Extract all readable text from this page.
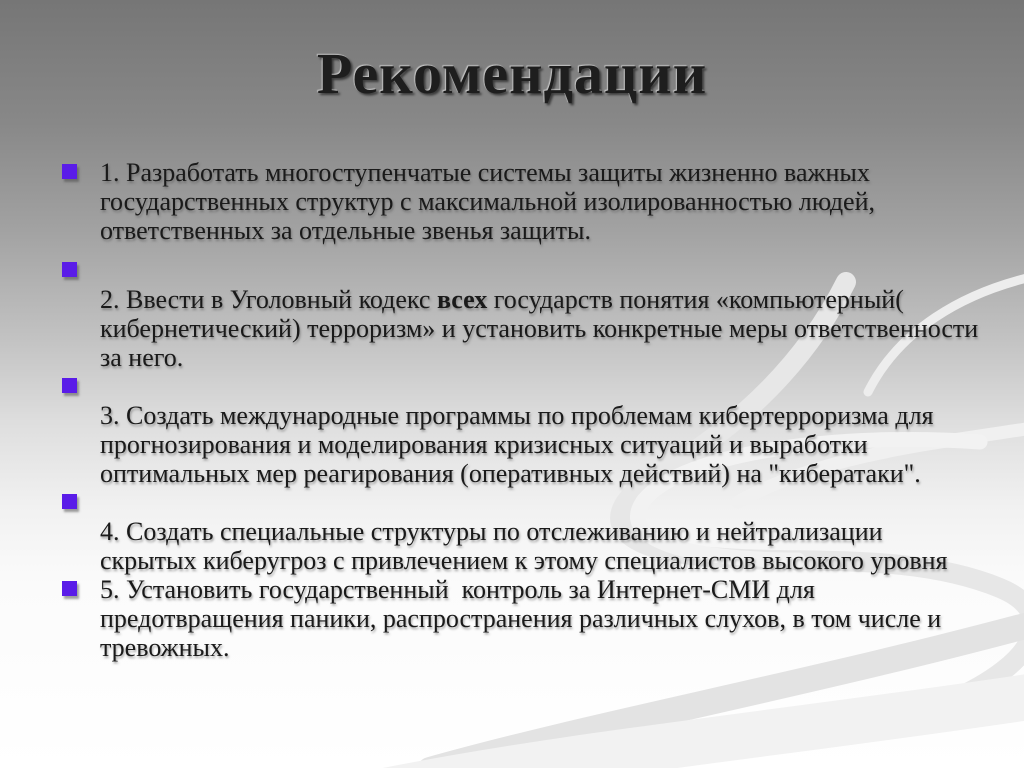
Рекомендации
1. Разработать многоступенчатые системы защиты жизненно важных государственных структур с максимальной изолированностью людей, ответственных за отдельные звенья защиты.
2. Ввести в Уголовный кодекс всех государств понятия «компьютерный( кибернетический) терроризм» и установить конкретные меры ответственности за него.
3. Создать международные программы по проблемам кибертерроризма для прогнозирования и моделирования кризисных ситуаций и выработки оптимальных мер реагирования (оперативных действий) на "кибератаки".
4. Создать специальные структуры по отслеживанию и нейтрализации скрытых киберугроз с привлечением к этому специалистов высокого уровня
5. Установить государственный  контроль за Интернет-СМИ для предотвращения паники, распространения различных слухов, в том числе и тревожных.
